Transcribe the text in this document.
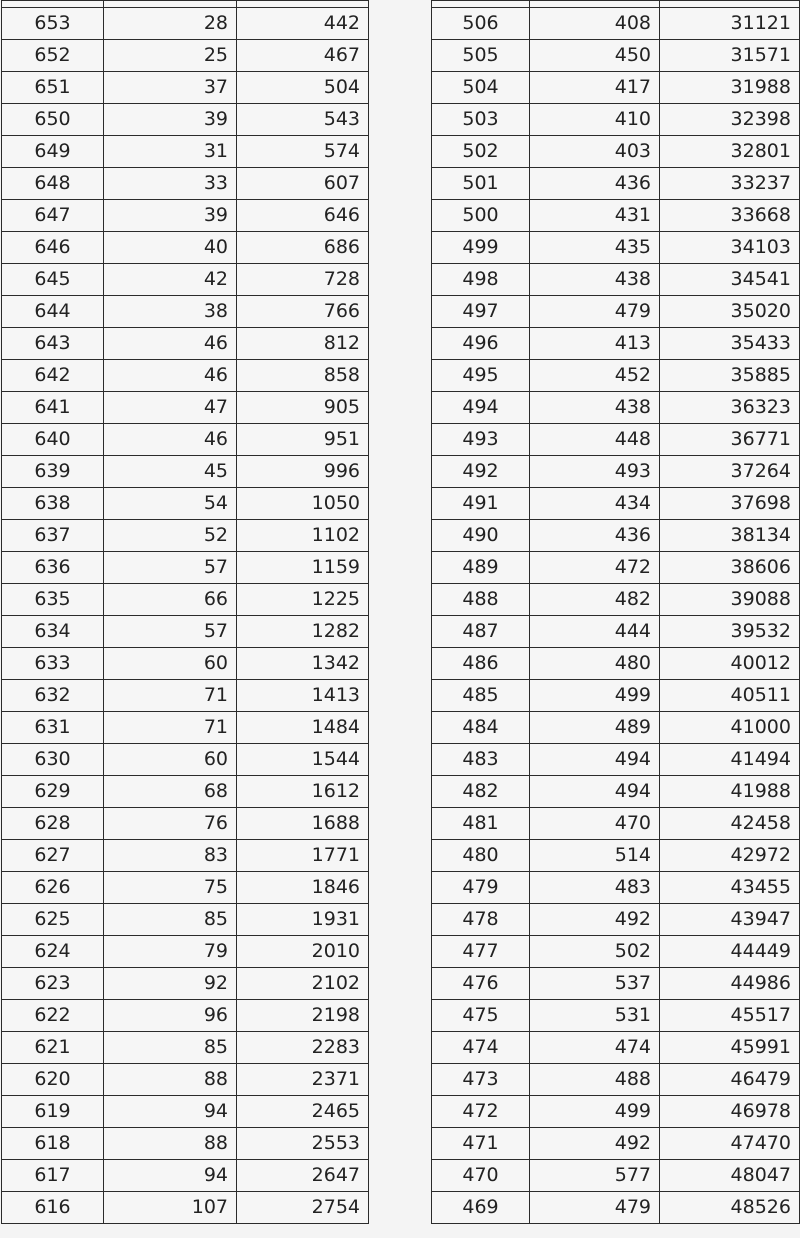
653	28	442
652	25	467
651	37	504
650	39	543
649	31	574
648	33	607
647	39	646
646	40	686
645	42	728
644	38	766
643	46	812
642	46	858
641	47	905
640	46	951
639	45	996
638	54	1050
637	52	1102
636	57	1159
635	66	1225
634	57	1282
633	60	1342
632	71	1413
631	71	1484
630	60	1544
629	68	1612
628	76	1688
627	83	1771
626	75	1846
625	85	1931
624	79	2010
623	92	2102
622	96	2198
621	85	2283
620	88	2371
619	94	2465
618	88	2553
617	94	2647
616	107	2754

506	408	31121
505	450	31571
504	417	31988
503	410	32398
502	403	32801
501	436	33237
500	431	33668
499	435	34103
498	438	34541
497	479	35020
496	413	35433
495	452	35885
494	438	36323
493	448	36771
492	493	37264
491	434	37698
490	436	38134
489	472	38606
488	482	39088
487	444	39532
486	480	40012
485	499	40511
484	489	41000
483	494	41494
482	494	41988
481	470	42458
480	514	42972
479	483	43455
478	492	43947
477	502	44449
476	537	44986
475	531	45517
474	474	45991
473	488	46479
472	499	46978
471	492	47470
470	577	48047
469	479	48526
